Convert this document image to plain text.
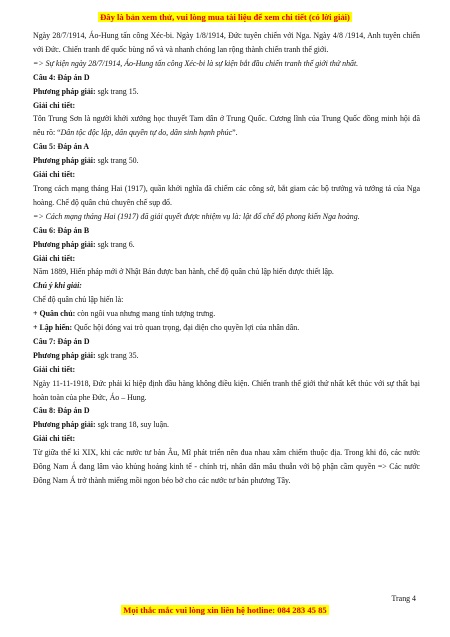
Đây là bản xem thử, vui lòng mua tài liệu để xem chi tiết (có lời giải)

Ngày 28/7/1914, Áo-Hung tấn công Xéc-bi. Ngày 1/8/1914, Đức tuyên chiến với Nga. Ngày 4/8 /1914, Anh tuyên chiến với Đức. Chiến tranh đế quốc bùng nổ và và nhanh chóng lan rộng thành chiến tranh thế giới.

=> Sự kiện ngày 28/7/1914, Áo-Hung tấn công Xéc-bi là sự kiện bắt đầu chiến tranh thế giới thứ nhất.

Câu 4: Đáp án D

Phương pháp giải: sgk trang 15.

Giải chi tiết:

Tôn Trung Sơn là người khởi xướng học thuyết Tam dân ở Trung Quốc. Cương lĩnh của Trung Quốc đồng minh hội đã nêu rõ: “Dân tộc độc lập, dân quyền tự do, dân sinh hạnh phúc”.

Câu 5: Đáp án A

Phương pháp giải: sgk trang 50.

Giải chi tiết:

Trong cách mạng tháng Hai (1917), quần khởi nghĩa đã chiếm các công sở, bắt giam các bộ trưởng và tướng tá của Nga hoàng. Chế độ quân chủ chuyên chế sụp đổ.

=> Cách mạng tháng Hai (1917) đã giải quyết được nhiệm vụ là: lật đổ chế độ phong kiến Nga hoàng.

Câu 6: Đáp án B

Phương pháp giải: sgk trang 6.

Giải chi tiết:

Năm 1889, Hiến pháp mới ở Nhật Bản được ban hành, chế độ quân chủ lập hiến được thiết lập.

Chú ý khi giải:

Chế độ quân chủ lập hiến là:

+ Quân chủ: còn ngôi vua nhưng mang tính tượng trưng.

+ Lập hiến: Quốc hội đóng vai trò quan trọng, đại diện cho quyền lợi của nhân dân.

Câu 7: Đáp án D

Phương pháp giải: sgk trang 35.

Giải chi tiết:

Ngày 11-11-1918, Đức phải kí hiệp định đầu hàng không điều kiện. Chiến tranh thế giới thứ nhất kết thúc với sự thất bại hoàn toàn của phe Đức, Áo – Hung.

Câu 8: Đáp án D

Phương pháp giải: sgk trang 18, suy luận.

Giải chi tiết:

Từ giữa thế kỉ XIX, khi các nước tư bản Âu, Mĩ phát triển nên đua nhau xâm chiếm thuộc địa. Trong khi đó, các nước Đông Nam Á đang lâm vào khủng hoảng kinh tế - chính trị, nhân dân mâu thuẫn với bộ phận cầm quyền => Các nước Đông Nam Á trở thành miếng mồi ngon béo bở cho các nước tư bản phương Tây.

Trang 4
Mọi thắc mắc vui lòng xin liên hệ hotline: 084 283 45 85
